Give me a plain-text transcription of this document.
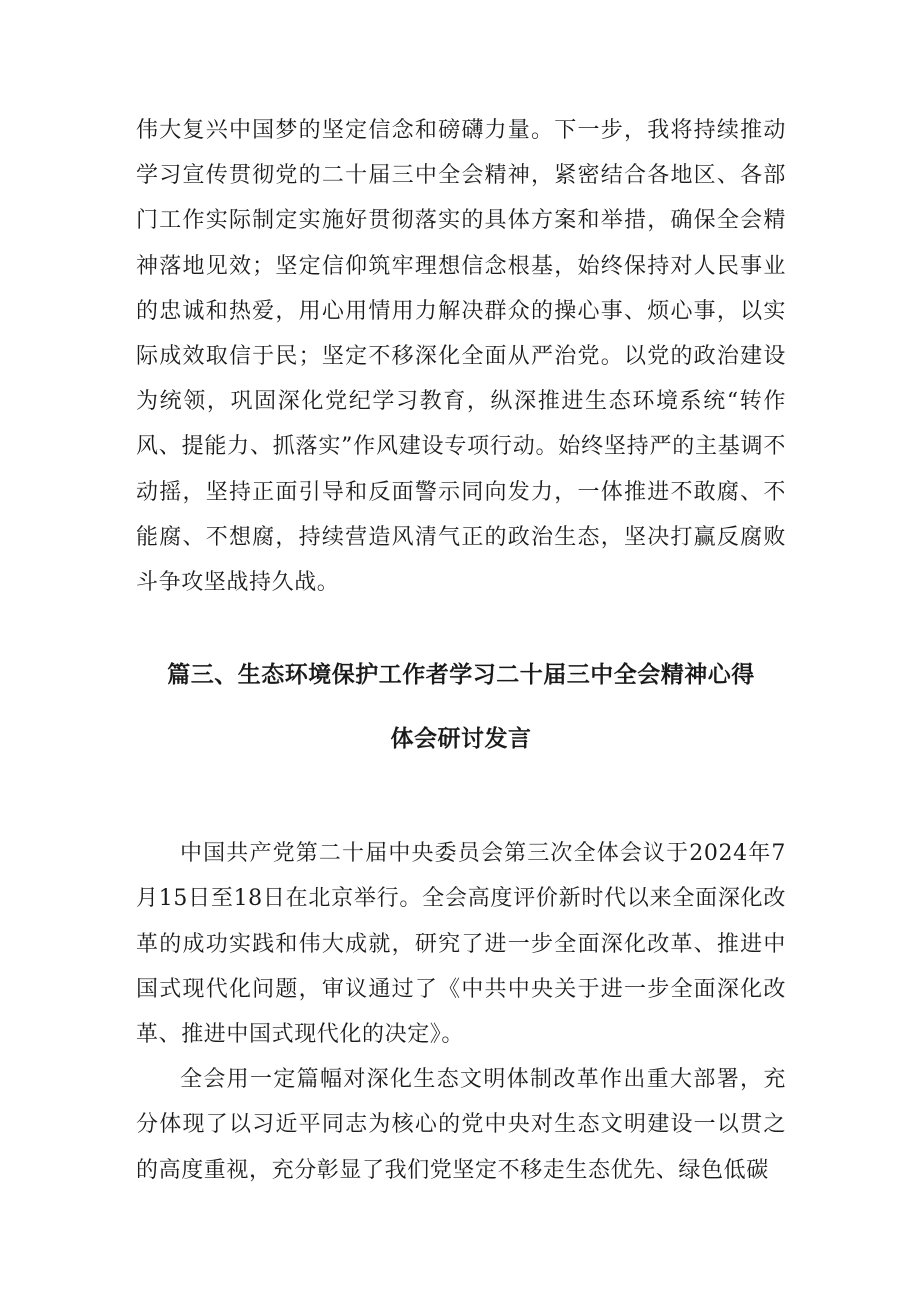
伟大复兴中国梦的坚定信念和磅礴力量。下一步，我将持续推动学习宣传贯彻党的二十届三中全会精神，紧密结合各地区、各部门工作实际制定实施好贯彻落实的具体方案和举措，确保全会精神落地见效；坚定信仰筑牢理想信念根基，始终保持对人民事业的忠诚和热爱，用心用情用力解决群众的操心事、烦心事，以实际成效取信于民；坚定不移深化全面从严治党。以党的政治建设为统领，巩固深化党纪学习教育，纵深推进生态环境系统“转作风、提能力、抓落实”作风建设专项行动。始终坚持严的主基调不动摇，坚持正面引导和反面警示同向发力，一体推进不敢腐、不能腐、不想腐，持续营造风清气正的政治生态，坚决打赢反腐败斗争攻坚战持久战。

篇三、生态环境保护工作者学习二十届三中全会精神心得
体会研讨发言

中国共产党第二十届中央委员会第三次全体会议于2024年7月15日至18日在北京举行。全会高度评价新时代以来全面深化改革的成功实践和伟大成就，研究了进一步全面深化改革、推进中国式现代化问题，审议通过了《中共中央关于进一步全面深化改革、推进中国式现代化的决定》。

全会用一定篇幅对深化生态文明体制改革作出重大部署，充分体现了以习近平同志为核心的党中央对生态文明建设一以贯之的高度重视，充分彰显了我们党坚定不移走生态优先、绿色低碳
